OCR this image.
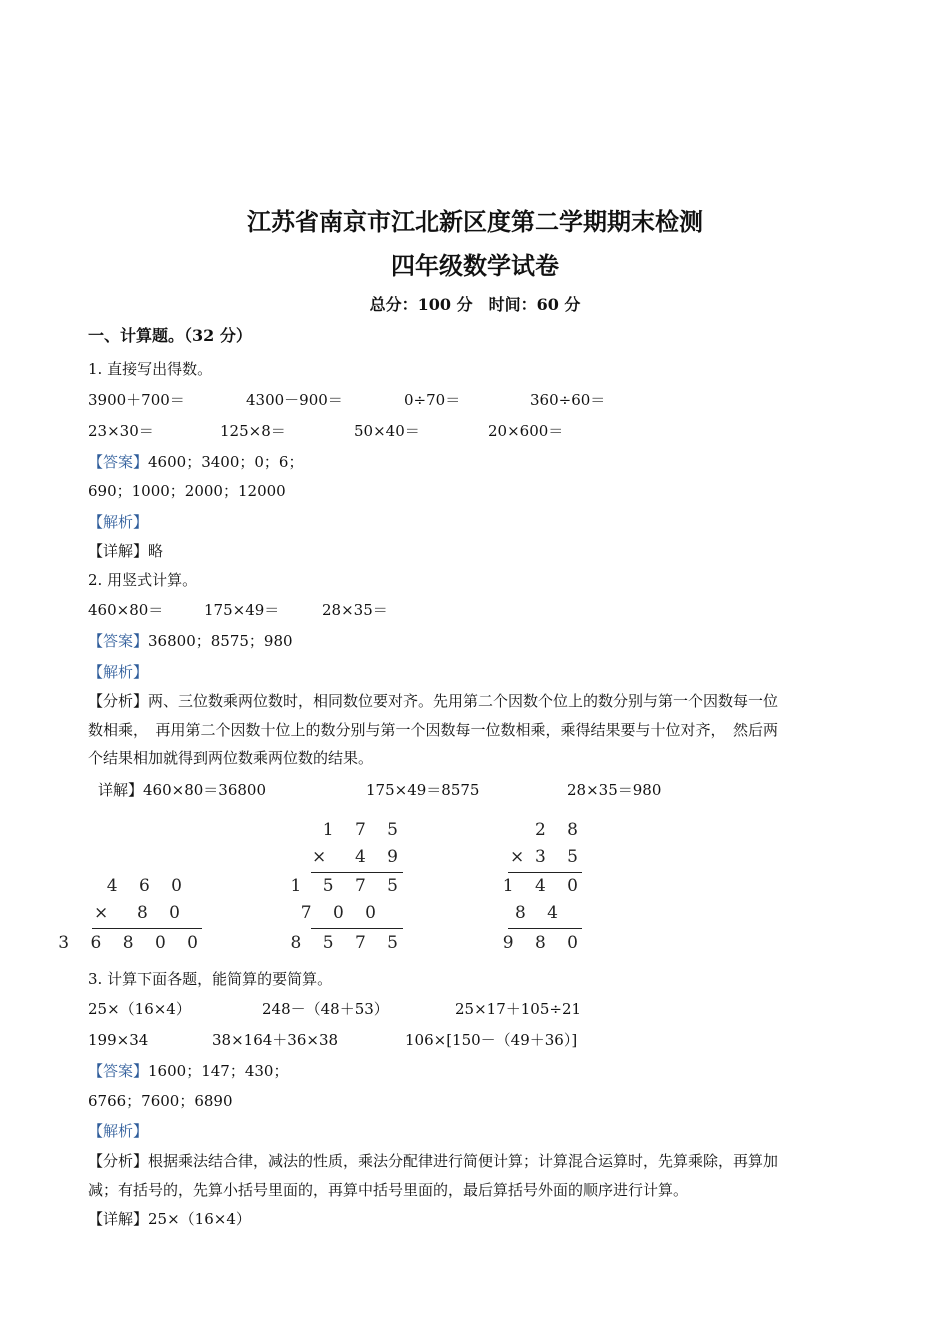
江苏省南京市江北新区度第二学期期末检测
四年级数学试卷
总分：100 分　时间：60 分
一、计算题。（32 分）
1. 直接写出得数。
3900＋700＝	4300－900＝	0÷70＝	360÷60＝
23×30＝	125×8＝	50×40＝	20×600＝
【答案】4600；3400；0；6；
690；1000；2000；12000
【解析】
【详解】略
2. 用竖式计算。
460×80＝	175×49＝	28×35＝
【答案】36800；8575；980
【解析】
【分析】两、三位数乘两位数时，相同数位要对齐。先用第二个因数个位上的数分别与第一个因数每一位
数相乘，　再用第二个因数十位上的数分别与第一个因数每一位数相乘，乘得结果要与十位对齐，　然后两
个结果相加就得到两位数乘两位数的结果。
详解】460×80＝36800	175×49＝8575	28×35＝980
4 6 0
× 8 0
3 6 8 0 0
1 7 5
× 4 9
1 5 7 5
7 0 0
8 5 7 5
2 8
× 3 5
1 4 0
8 4
9 8 0
3. 计算下面各题，能简算的要简算。
25×（16×4）	248－（48＋53）	25×17＋105÷21
199×34	38×164＋36×38	106×[150－（49＋36）]
【答案】1600；147；430；
6766；7600；6890
【解析】
【分析】根据乘法结合律，减法的性质，乘法分配律进行简便计算；计算混合运算时，先算乘除，再算加
减；有括号的，先算小括号里面的，再算中括号里面的，最后算括号外面的顺序进行计算。
【详解】25×（16×4）
